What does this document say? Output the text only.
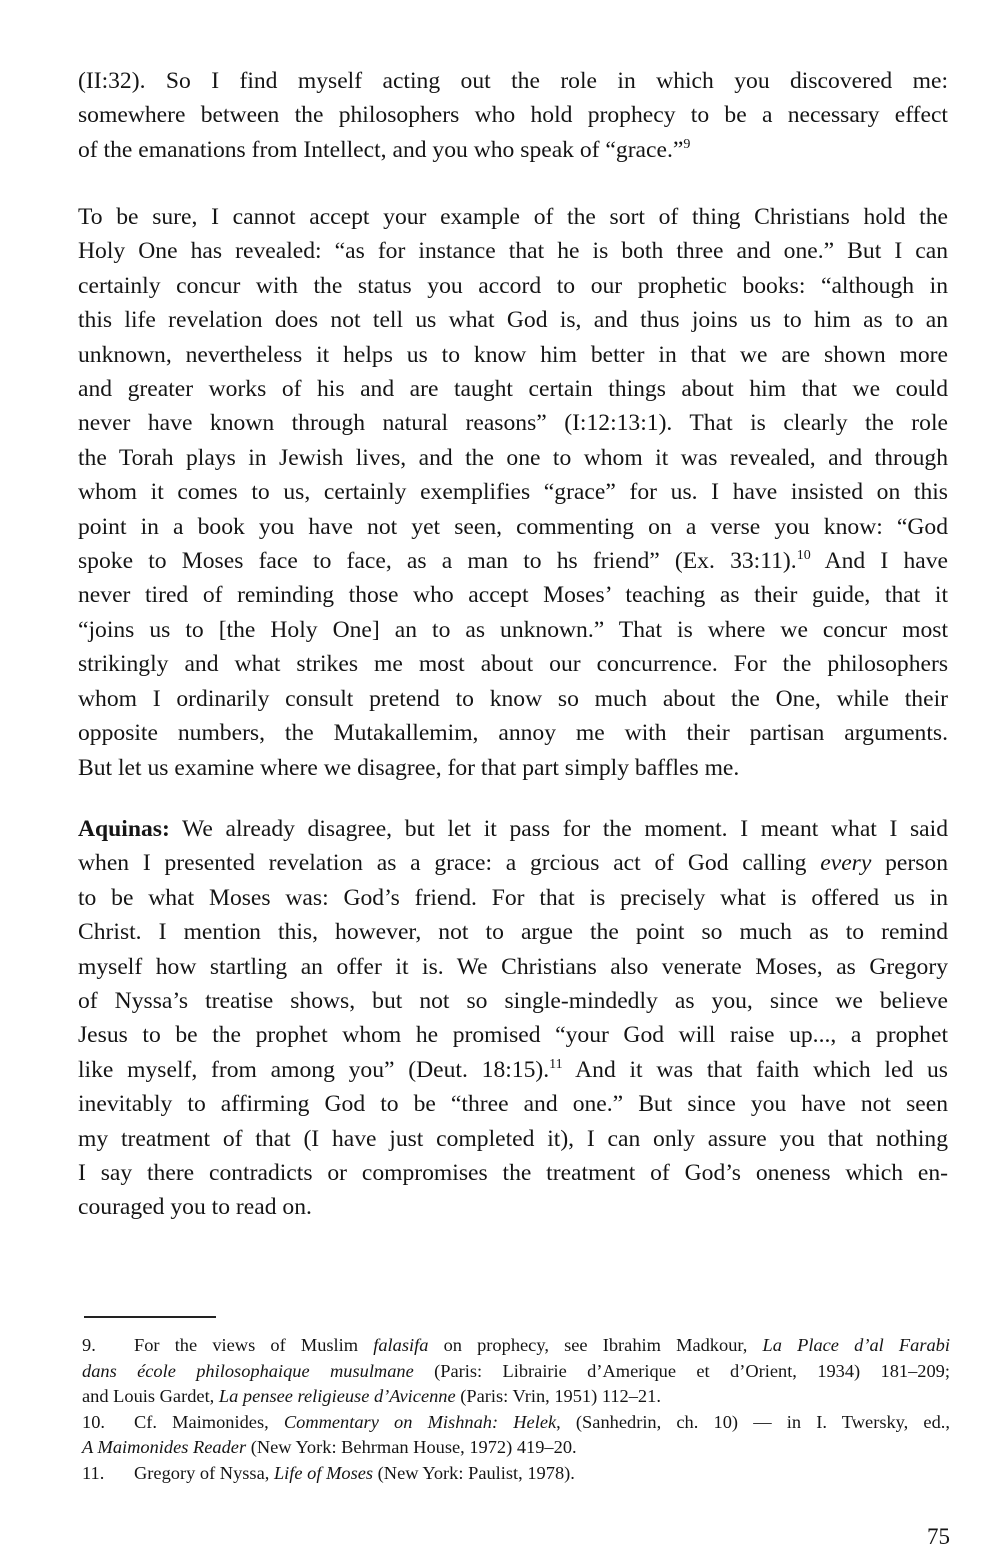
(II:32). So I find myself acting out the role in which you discovered me:
somewhere between the philosophers who hold prophecy to be a necessary effect
of the emanations from Intellect, and you who speak of “grace.”$^9$
To be sure, I cannot accept your example of the sort of thing Christians hold the
Holy One has revealed: “as for instance that he is both three and one.” But I can
certainly concur with the status you accord to our prophetic books: “although in
this life revelation does not tell us what God is, and thus joins us to him as to an
unknown, nevertheless it helps us to know him better in that we are shown more
and greater works of his and are taught certain things about him that we could
never have known through natural reasons” (I:12:13:1). That is clearly the role
the Torah plays in Jewish lives, and the one to whom it was revealed, and through
whom it comes to us, certainly exemplifies “grace” for us. I have insisted on this
point in a book you have not yet seen, commenting on a verse you know: “God
spoke to Moses face to face, as a man to hs friend” (Ex. 33:11).$^{10}$ And I have
never tired of reminding those who accept Moses’ teaching as their guide, that it
“joins us to [the Holy One] an to as unknown.” That is where we concur most
strikingly and what strikes me most about our concurrence. For the philosophers
whom I ordinarily consult pretend to know so much about the One, while their
opposite numbers, the Mutakallemim, annoy me with their partisan arguments.
But let us examine where we disagree, for that part simply baffles me.
Aquinas: We already disagree, but let it pass for the moment. I meant what I said
when I presented revelation as a grace: a grcious act of God calling every person
to be what Moses was: God’s friend. For that is precisely what is offered us in
Christ. I mention this, however, not to argue the point so much as to remind
myself how startling an offer it is. We Christians also venerate Moses, as Gregory
of Nyssa’s treatise shows, but not so single-mindedly as you, since we believe
Jesus to be the prophet whom he promised “your God will raise up..., a prophet
like myself, from among you” (Deut. 18:15).$^{11}$ And it was that faith which led us
inevitably to affirming God to be “three and one.” But since you have not seen
my treatment of that (I have just completed it), I can only assure you that nothing
I say there contradicts or compromises the treatment of God’s oneness which en-
couraged you to read on.
9. For the views of Muslim falasifa on prophecy, see Ibrahim Madkour, La Place d’al Farabi
dans école philosophaique musulmane (Paris: Librairie d’Amerique et d’Orient, 1934) 181–209;
and Louis Gardet, La pensee religieuse d’Avicenne (Paris: Vrin, 1951) 112–21.
10. Cf. Maimonides, Commentary on Mishnah: Helek, (Sanhedrin, ch. 10) — in I. Twersky, ed.,
A Maimonides Reader (New York: Behrman House, 1972) 419–20.
11. Gregory of Nyssa, Life of Moses (New York: Paulist, 1978).
75
